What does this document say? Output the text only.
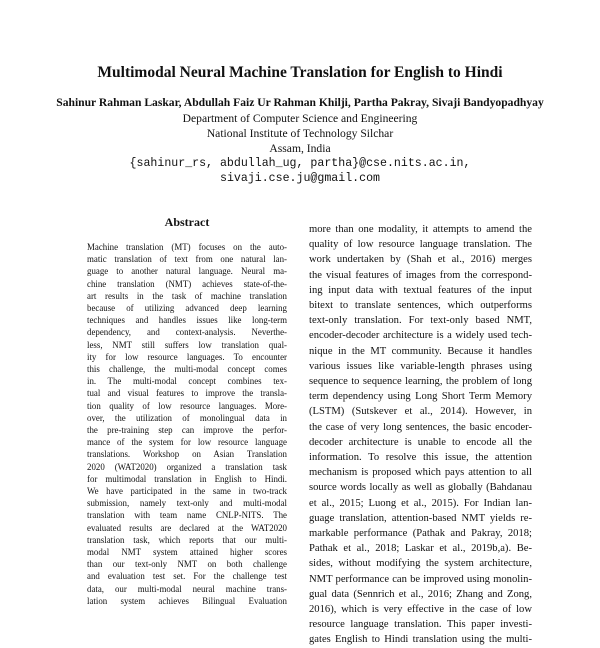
Multimodal Neural Machine Translation for English to Hindi
Sahinur Rahman Laskar, Abdullah Faiz Ur Rahman Khilji, Partha Pakray, Sivaji Bandyopadhyay
Department of Computer Science and Engineering
National Institute of Technology Silchar
Assam, India
{sahinur_rs, abdullah_ug, partha}@cse.nits.ac.in,
sivaji.cse.ju@gmail.com
Abstract
Machine translation (MT) focuses on the auto-
matic translation of text from one natural lan-
guage to another natural language. Neural ma-
chine translation (NMT) achieves state-of-the-
art results in the task of machine translation
because of utilizing advanced deep learning
techniques and handles issues like long-term
dependency, and context-analysis. Neverthe-
less, NMT still suffers low translation qual-
ity for low resource languages. To encounter
this challenge, the multi-modal concept comes
in. The multi-modal concept combines tex-
tual and visual features to improve the transla-
tion quality of low resource languages. More-
over, the utilization of monolingual data in
the pre-training step can improve the perfor-
mance of the system for low resource language
translations. Workshop on Asian Translation
2020 (WAT2020) organized a translation task
for multimodal translation in English to Hindi.
We have participated in the same in two-track
submission, namely text-only and multi-modal
translation with team name CNLP-NITS. The
evaluated results are declared at the WAT2020
translation task, which reports that our multi-
modal NMT system attained higher scores
than our text-only NMT on both challenge
and evaluation test set. For the challenge test
data, our multi-modal neural machine trans-
lation system achieves Bilingual Evaluation
more than one modality, it attempts to amend the
quality of low resource language translation. The
work undertaken by (Shah et al., 2016) merges
the visual features of images from the correspond-
ing input data with textual features of the input
bitext to translate sentences, which outperforms
text-only translation. For text-only based NMT,
encoder-decoder architecture is a widely used tech-
nique in the MT community. Because it handles
various issues like variable-length phrases using
sequence to sequence learning, the problem of long
term dependency using Long Short Term Memory
(LSTM) (Sutskever et al., 2014). However, in
the case of very long sentences, the basic encoder-
decoder architecture is unable to encode all the
information. To resolve this issue, the attention
mechanism is proposed which pays attention to all
source words locally as well as globally (Bahdanau
et al., 2015; Luong et al., 2015). For Indian lan-
guage translation, attention-based NMT yields re-
markable performance (Pathak and Pakray, 2018;
Pathak et al., 2018; Laskar et al., 2019b,a). Be-
sides, without modifying the system architecture,
NMT performance can be improved using monolin-
gual data (Sennrich et al., 2016; Zhang and Zong,
2016), which is very effective in the case of low
resource language translation. This paper investi-
gates English to Hindi translation using the multi-
